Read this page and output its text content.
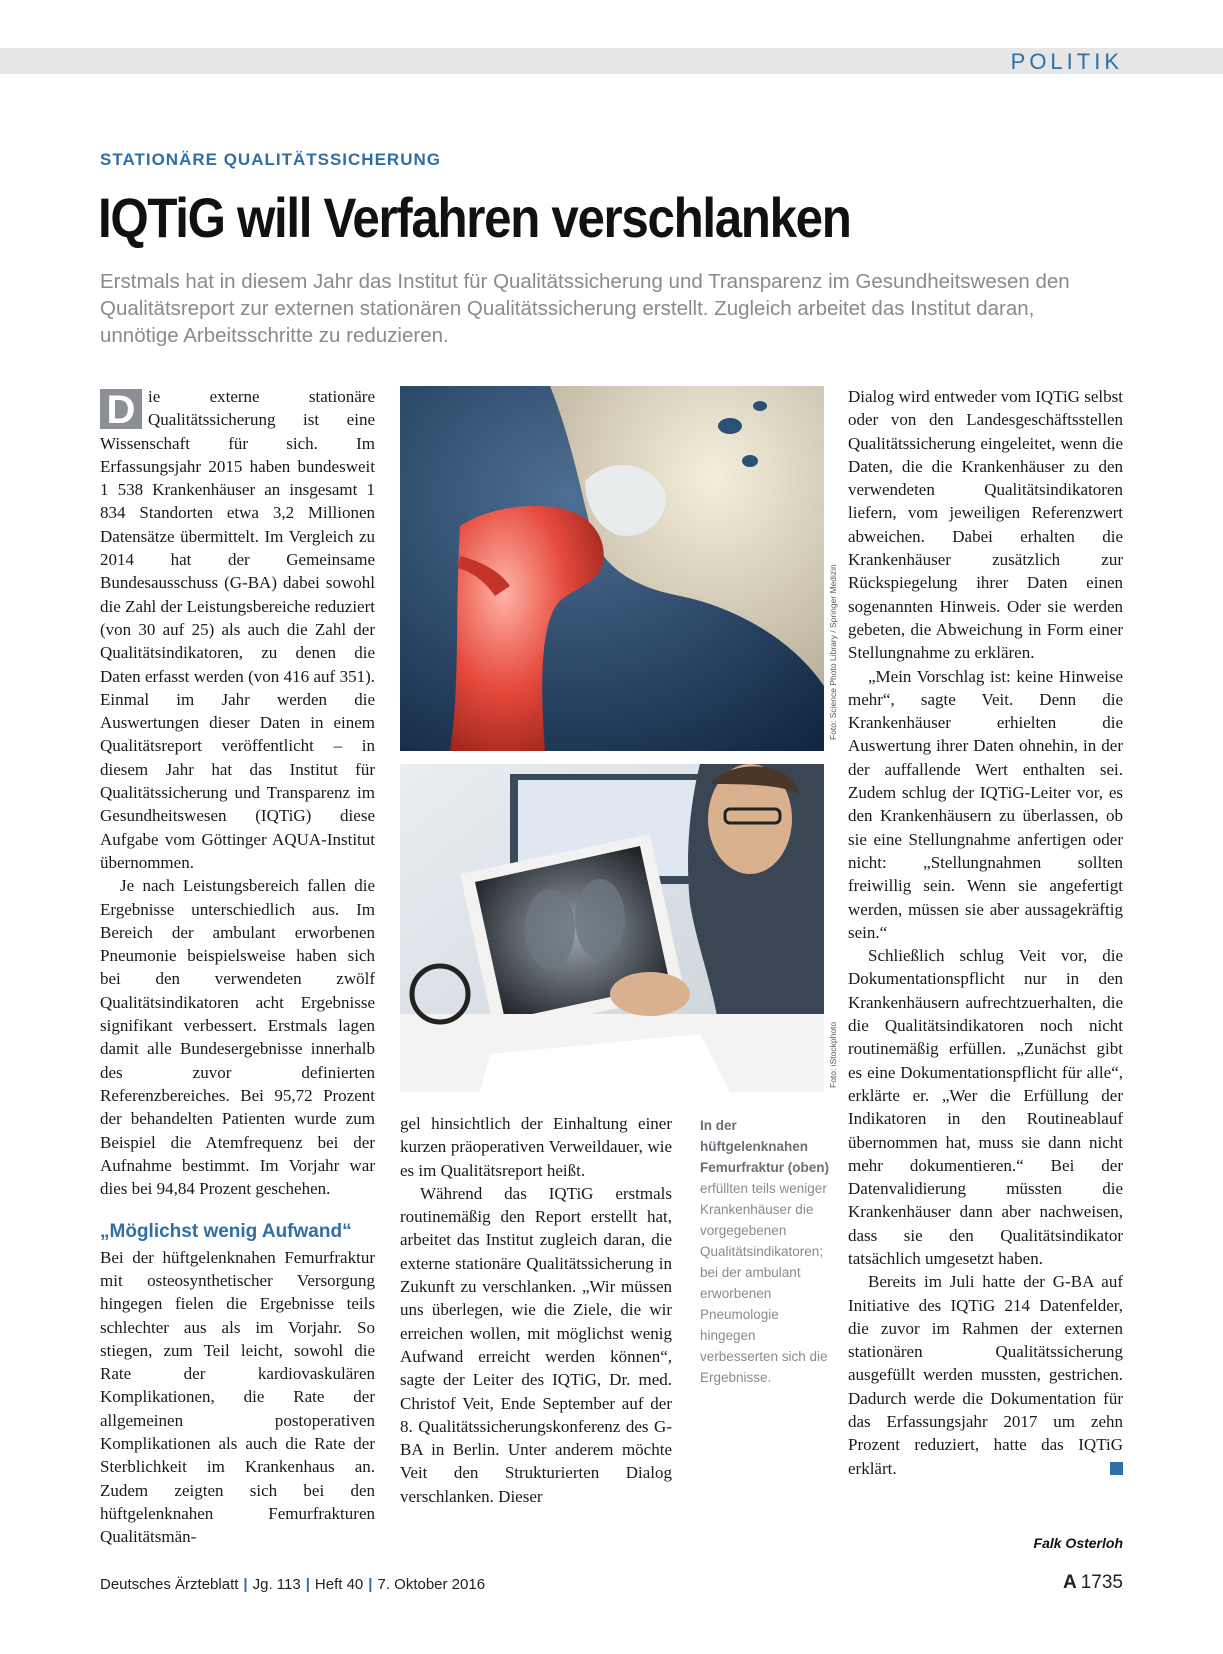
POLITIK
STATIONÄRE QUALITÄTSSICHERUNG
IQTiG will Verfahren verschlanken
Erstmals hat in diesem Jahr das Institut für Qualitätssicherung und Transparenz im Gesundheitswesen den Qualitätsreport zur externen stationären Qualitätssicherung erstellt. Zugleich arbeitet das Institut daran, unnötige Arbeitsschritte zu reduzieren.

D ie externe stationäre Qualitätssicherung ist eine Wissenschaft für sich. Im Erfassungsjahr 2015 haben bundesweit 1 538 Krankenhäuser an insgesamt 1 834 Standorten etwa 3,2 Millionen Datensätze übermittelt. Im Vergleich zu 2014 hat der Gemeinsame Bundesausschuss (G-BA) dabei sowohl die Zahl der Leistungsbereiche reduziert (von 30 auf 25) als auch die Zahl der Qualitätsindikatoren, zu denen die Daten erfasst werden (von 416 auf 351). Einmal im Jahr werden die Auswertungen dieser Daten in einem Qualitätsreport veröffentlicht – in diesem Jahr hat das Institut für Qualitätssicherung und Transparenz im Gesundheitswesen (IQTiG) diese Aufgabe vom Göttinger AQUA-Institut übernommen.

Je nach Leistungsbereich fallen die Ergebnisse unterschiedlich aus. Im Bereich der ambulant erworbenen Pneumonie beispielsweise haben sich bei den verwendeten zwölf Qualitätsindikatoren acht Ergebnisse signifikant verbessert. Erstmals lagen damit alle Bundesergebnisse innerhalb des zuvor definierten Referenzbereiches. Bei 95,72 Prozent der behandelten Patienten wurde zum Beispiel die Atemfrequenz bei der Aufnahme bestimmt. Im Vorjahr war dies bei 94,84 Prozent geschehen.

„Möglichst wenig Aufwand“

Bei der hüftgelenknahen Femurfraktur mit osteosynthetischer Versorgung hingegen fielen die Ergebnisse teils schlechter aus als im Vorjahr. So stiegen, zum Teil leicht, sowohl die Rate der kardiovaskulären Komplikationen, die Rate der allgemeinen postoperativen Komplikationen als auch die Rate der Sterblichkeit im Krankenhaus an. Zudem zeigten sich bei den hüftgelenknahen Femurfrakturen Qualitätsmän-

Foto: Science Photo Library / Springer Medizin
Foto: iStockphoto
In der hüftgelenknahen Femurfraktur (oben) erfüllten teils weniger Krankenhäuser die vorgegebenen Qualitätsindikatoren; bei der ambulant erworbenen Pneumologie hingegen verbesserten sich die Ergebnisse.

gel hinsichtlich der Einhaltung einer kurzen präoperativen Verweildauer, wie es im Qualitätsreport heißt.

Während das IQTiG erstmals routinemäßig den Report erstellt hat, arbeitet das Institut zugleich daran, die externe stationäre Qualitätssicherung in Zukunft zu verschlanken. „Wir müssen uns überlegen, wie die Ziele, die wir erreichen wollen, mit möglichst wenig Aufwand erreicht werden können“, sagte der Leiter des IQTiG, Dr. med. Christof Veit, Ende September auf der 8. Qualitätssicherungskonferenz des G-BA in Berlin. Unter anderem möchte Veit den Strukturierten Dialog verschlanken. Dieser

Dialog wird entweder vom IQTiG selbst oder von den Landesgeschäftsstellen Qualitätssicherung eingeleitet, wenn die Daten, die die Krankenhäuser zu den verwendeten Qualitätsindikatoren liefern, vom jeweiligen Referenzwert abweichen. Dabei erhalten die Krankenhäuser zusätzlich zur Rückspiegelung ihrer Daten einen sogenannten Hinweis. Oder sie werden gebeten, die Abweichung in Form einer Stellungnahme zu erklären.

„Mein Vorschlag ist: keine Hinweise mehr“, sagte Veit. Denn die Krankenhäuser erhielten die Auswertung ihrer Daten ohnehin, in der der auffallende Wert enthalten sei. Zudem schlug der IQTiG-Leiter vor, es den Krankenhäusern zu überlassen, ob sie eine Stellungnahme anfertigen oder nicht: „Stellungnahmen sollten freiwillig sein. Wenn sie angefertigt werden, müssen sie aber aussagekräftig sein.“

Schließlich schlug Veit vor, die Dokumentationspflicht nur in den Krankenhäusern aufrechtzuerhalten, die die Qualitätsindikatoren noch nicht routinemäßig erfüllen. „Zunächst gibt es eine Dokumentationspflicht für alle“, erklärte er. „Wer die Erfüllung der Indikatoren in den Routineablauf übernommen hat, muss sie dann nicht mehr dokumentieren.“ Bei der Datenvalidierung müssten die Krankenhäuser dann aber nachweisen, dass sie den Qualitätsindikator tatsächlich umgesetzt haben.

Bereits im Juli hatte der G-BA auf Initiative des IQTiG 214 Datenfelder, die zuvor im Rahmen der externen stationären Qualitätssicherung ausgefüllt werden mussten, gestrichen. Dadurch werde die Dokumentation für das Erfassungsjahr 2017 um zehn Prozent reduziert, hatte das IQTiG erklärt.

Falk Osterloh
Deutsches Ärzteblatt | Jg. 113 | Heft 40 | 7. Oktober 2016	A 1735
